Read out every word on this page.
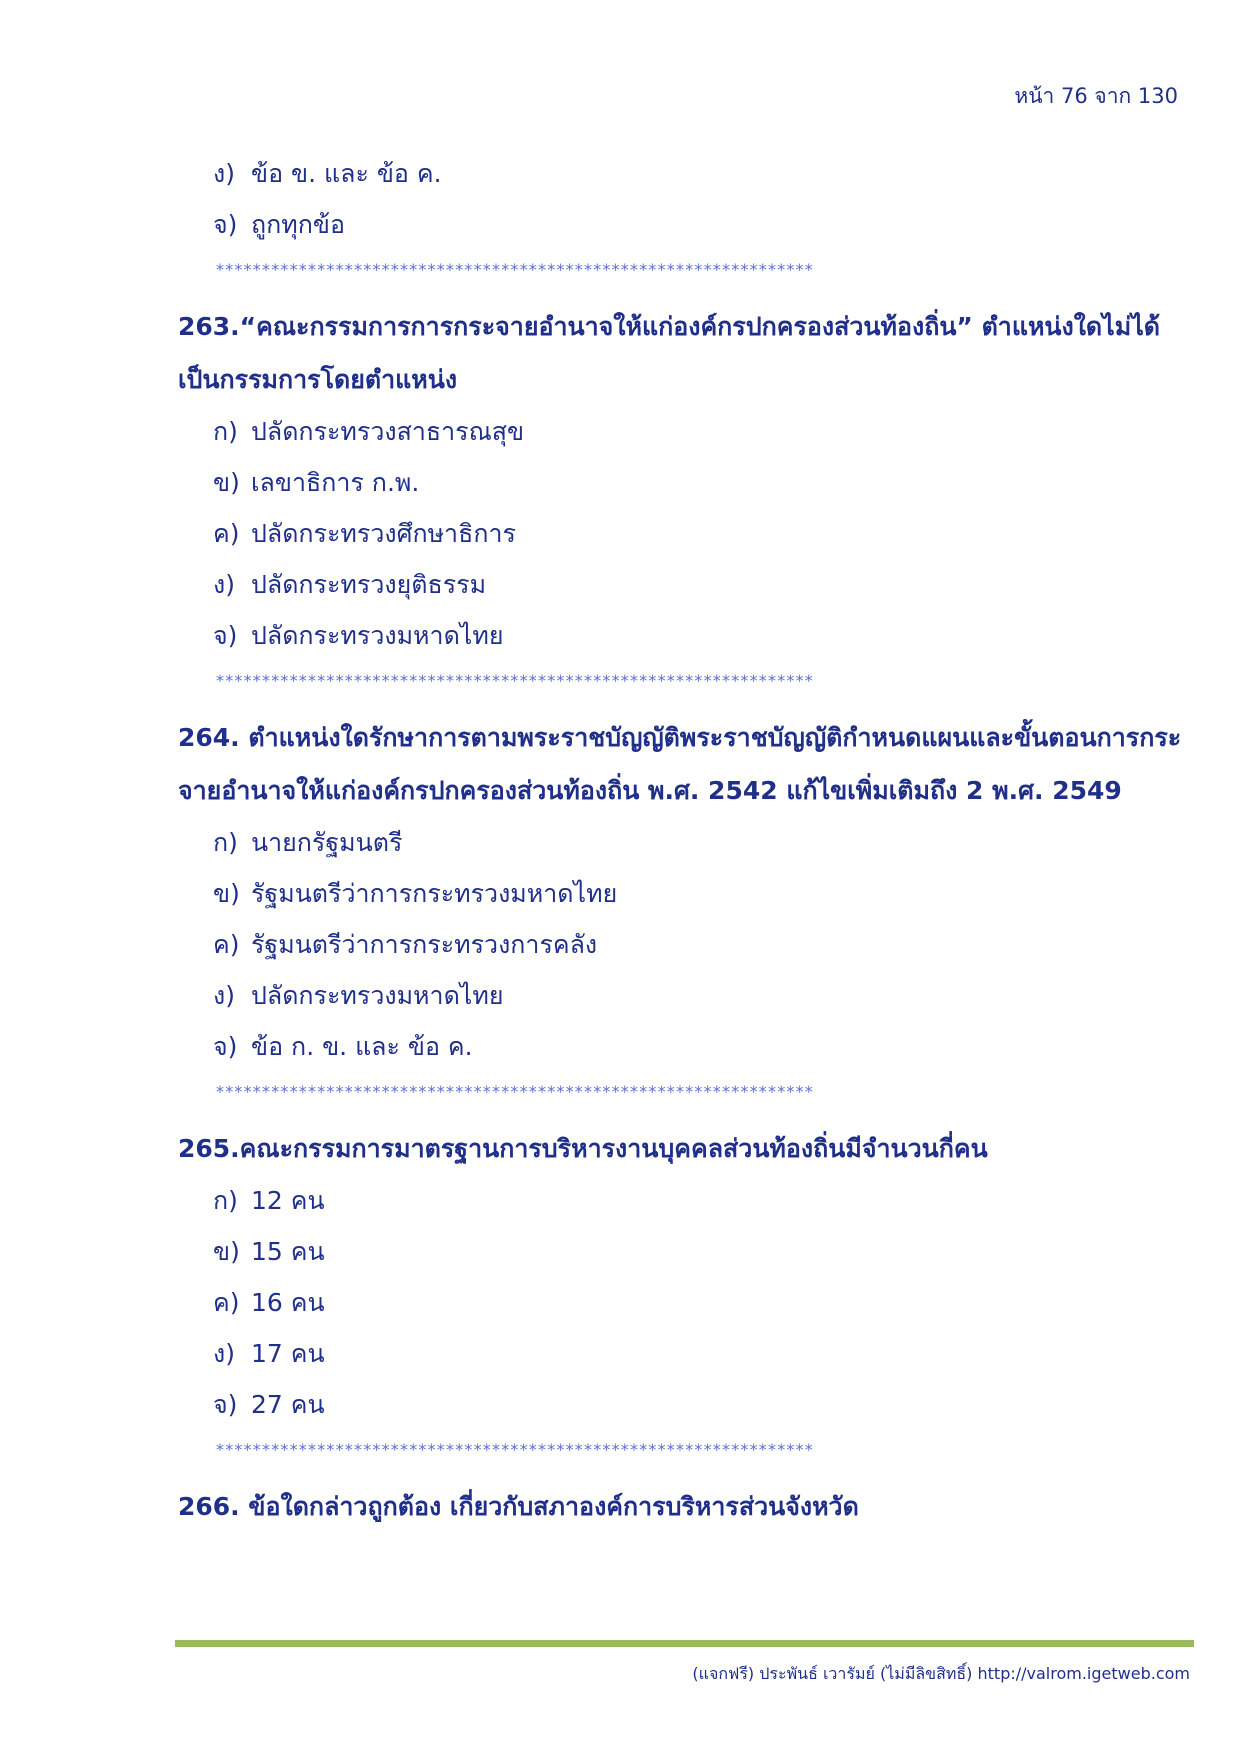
หน้า 76 จาก 130
ง) ข้อ ข. และ ข้อ ค.
จ) ถูกทุกข้อ
*****************************************************************
263.“คณะกรรมการการกระจายอำนาจให้แก่องค์กรปกครองส่วนท้องถิ่น” ตำแหน่งใดไม่ได้เป็นกรรมการโดยตำแหน่ง
ก) ปลัดกระทรวงสาธารณสุข
ข) เลขาธิการ ก.พ.
ค) ปลัดกระทรวงศึกษาธิการ
ง) ปลัดกระทรวงยุติธรรม
จ) ปลัดกระทรวงมหาดไทย
*****************************************************************
264. ตำแหน่งใดรักษาการตามพระราชบัญญัติพระราชบัญญัติกำหนดแผนและขั้นตอนการกระจายอำนาจให้แก่องค์กรปกครองส่วนท้องถิ่น พ.ศ. 2542 แก้ไขเพิ่มเติมถึง 2 พ.ศ. 2549
ก) นายกรัฐมนตรี
ข) รัฐมนตรีว่าการกระทรวงมหาดไทย
ค) รัฐมนตรีว่าการกระทรวงการคลัง
ง) ปลัดกระทรวงมหาดไทย
จ) ข้อ ก. ข. และ ข้อ ค.
*****************************************************************
265.คณะกรรมการมาตรฐานการบริหารงานบุคคลส่วนท้องถิ่นมีจำนวนกี่คน
ก) 12 คน
ข) 15 คน
ค) 16 คน
ง) 17 คน
จ) 27 คน
*****************************************************************
266. ข้อใดกล่าวถูกต้อง เกี่ยวกับสภาองค์การบริหารส่วนจังหวัด
(แจกฟรี) ประพันธ์ เวารัมย์ (ไม่มีลิขสิทธิ์) http://valrom.igetweb.com
